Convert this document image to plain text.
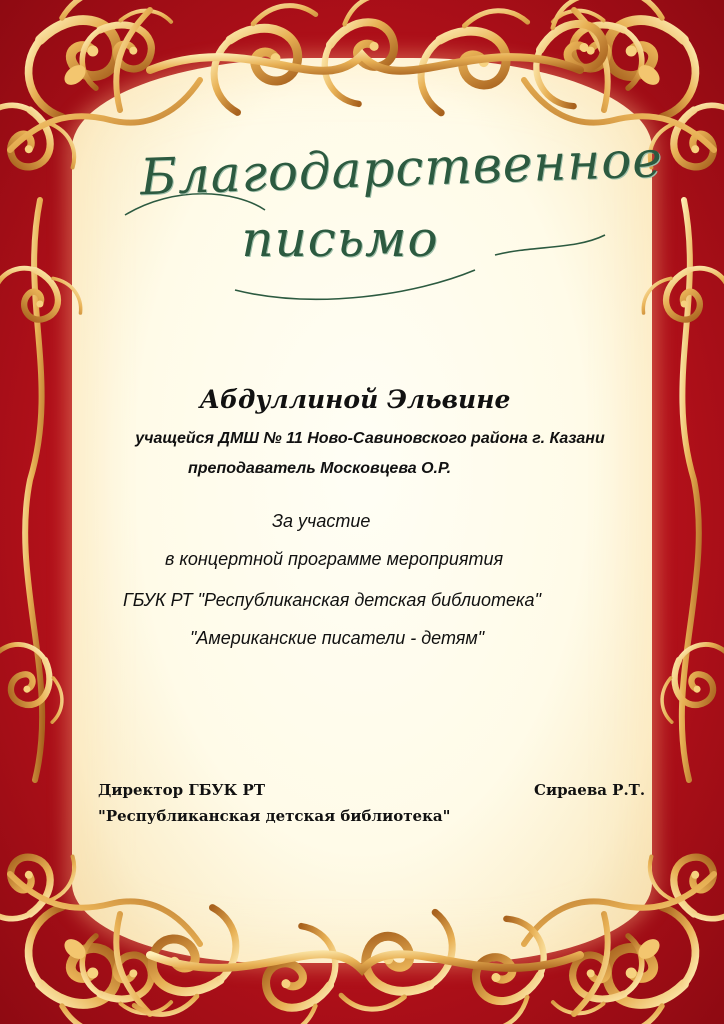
Благодарственное
письмо
Абдуллиной Эльвине
учащейся ДМШ № 11 Ново-Савиновского района г. Казани
преподаватель Московцева О.Р.
За участие
в концертной программе мероприятия
ГБУК РТ "Республиканская детская библиотека"
"Американские писатели - детям"
Директор ГБУК РТ
"Республиканская детская библиотека"
Сираева Р.Т.
